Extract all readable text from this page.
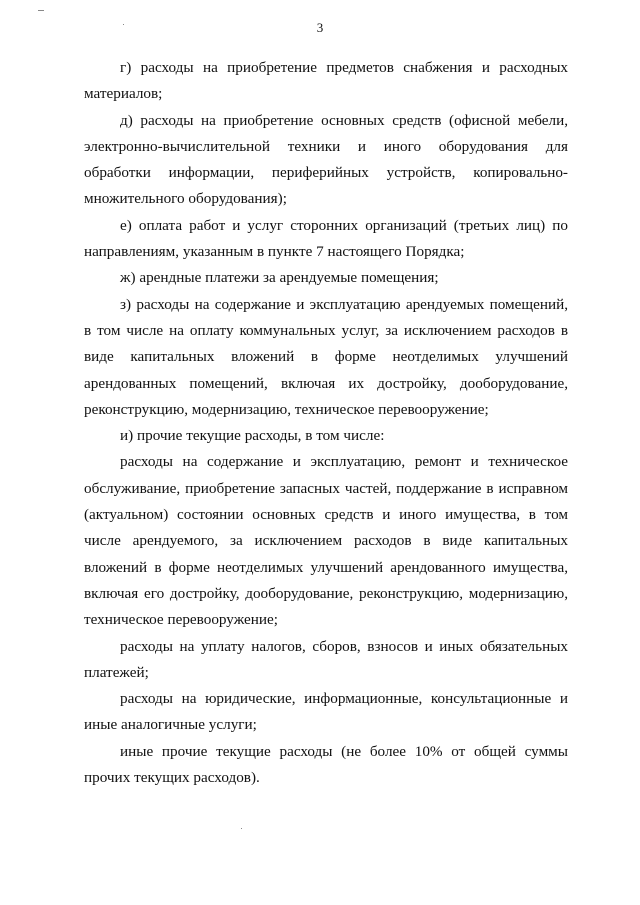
3

г) расходы на приобретение предметов снабжения и расходных материалов;

д) расходы на приобретение основных средств (офисной мебели, электронно-вычислительной техники и иного оборудования для обработки информации, периферийных устройств, копировально-множительного оборудования);

е) оплата работ и услуг сторонних организаций (третьих лиц) по направлениям, указанным в пункте 7 настоящего Порядка;

ж) арендные платежи за арендуемые помещения;

з) расходы на содержание и эксплуатацию арендуемых помещений, в том числе на оплату коммунальных услуг, за исключением расходов в виде капитальных вложений в форме неотделимых улучшений арендованных помещений, включая их достройку, дооборудование, реконструкцию, модернизацию, техническое перевооружение;

и) прочие текущие расходы, в том числе:

расходы на содержание и эксплуатацию, ремонт и техническое обслуживание, приобретение запасных частей, поддержание в исправном (актуальном) состоянии основных средств и иного имущества, в том числе арендуемого, за исключением расходов в виде капитальных вложений в форме неотделимых улучшений арендованного имущества, включая его достройку, дооборудование, реконструкцию, модернизацию, техническое перевооружение;

расходы на уплату налогов, сборов, взносов и иных обязательных платежей;

расходы на юридические, информационные, консультационные и иные аналогичные услуги;

иные прочие текущие расходы (не более 10% от общей суммы прочих текущих расходов).
